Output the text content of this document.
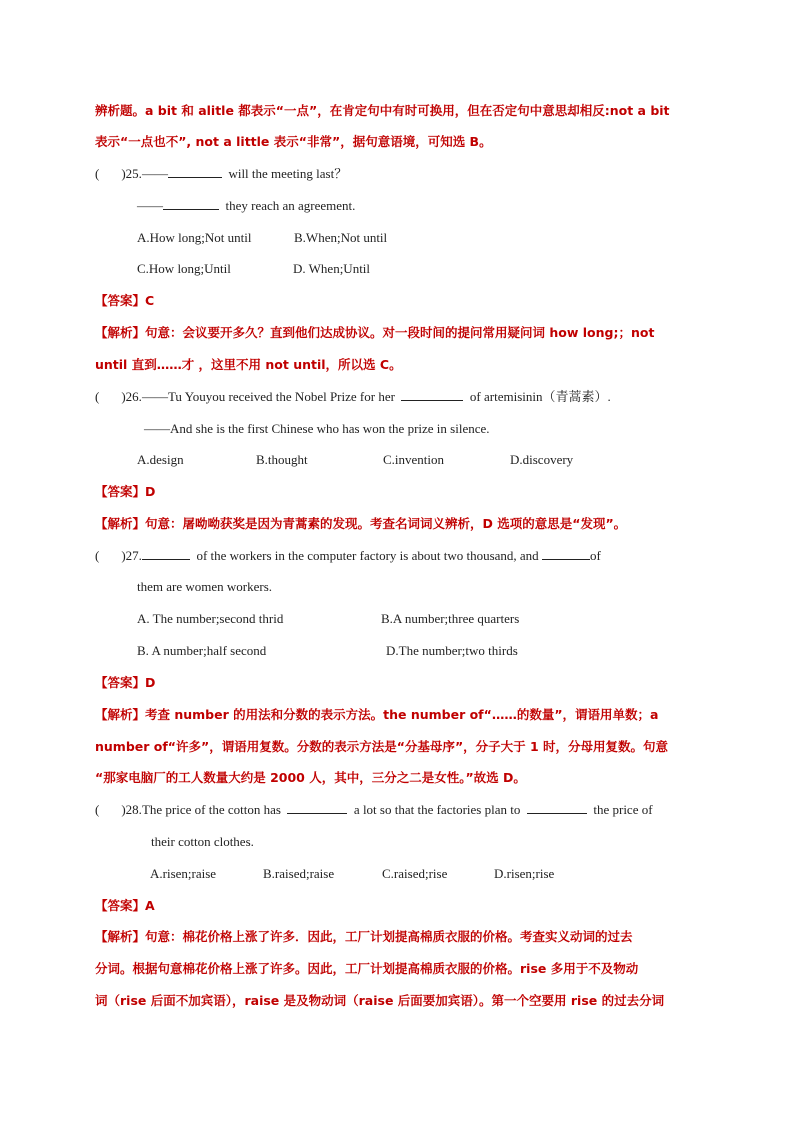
辨析题。a bit 和 alitle 都表示“一点”，在肯定句中有时可换用，但在否定句中意思却相反:not a bit
表示“一点也不”, not a little 表示“非常”，据句意语境，可知选 B。
( )25.——	will the meeting last？
——	they reach an agreement.
A.How long;Not until	B.When;Not until
C.How long;Until	D. When;Until
【答案】C
【解析】句意：会议要开多久？直到他们达成协议。对一段时间的提问常用疑问词 how long;；not
until 直到……才 ，这里不用 not until，所以选 C。
( )26.——Tu Youyou received the Nobel Prize for her	of artemisinin（青蒿素）.
——And she is the first Chinese who has won the prize in silence.
A.design	B.thought	C.invention	D.discovery
【答案】D
【解析】句意：屠呦呦获奖是因为青蒿素的发现。考查名词词义辨析，D 选项的意思是“发现”。
( )27.	of the workers in the computer factory is about two thousand, and	of
them are women workers.
A. The number;second thrid	B.A number;three quarters
B. A number;half second	D.The number;two thirds
【答案】D
【解析】考查 number 的用法和分数的表示方法。the number of“……的数量”，谓语用单数；a
number of“许多”，谓语用复数。分数的表示方法是“分基母序”，分子大于 1 时，分母用复数。句意
“那家电脑厂的工人数量大约是 2000 人，其中，三分之二是女性。”故选 D。
( )28.The price of the cotton has	a lot so that the factories plan to	the price of
their cotton clothes.
A.risen;raise	B.raised;raise	C.raised;rise	D.risen;rise
【答案】A
【解析】句意：棉花价格上涨了许多．因此，工厂计划提高棉质衣服的价格。考查实义动词的过去
分词。根据句意棉花价格上涨了许多。因此，工厂计划提高棉质衣服的价格。rise 多用于不及物动
词（rise 后面不加宾语），raise 是及物动词（raise 后面要加宾语）。第一个空要用 rise 的过去分词
